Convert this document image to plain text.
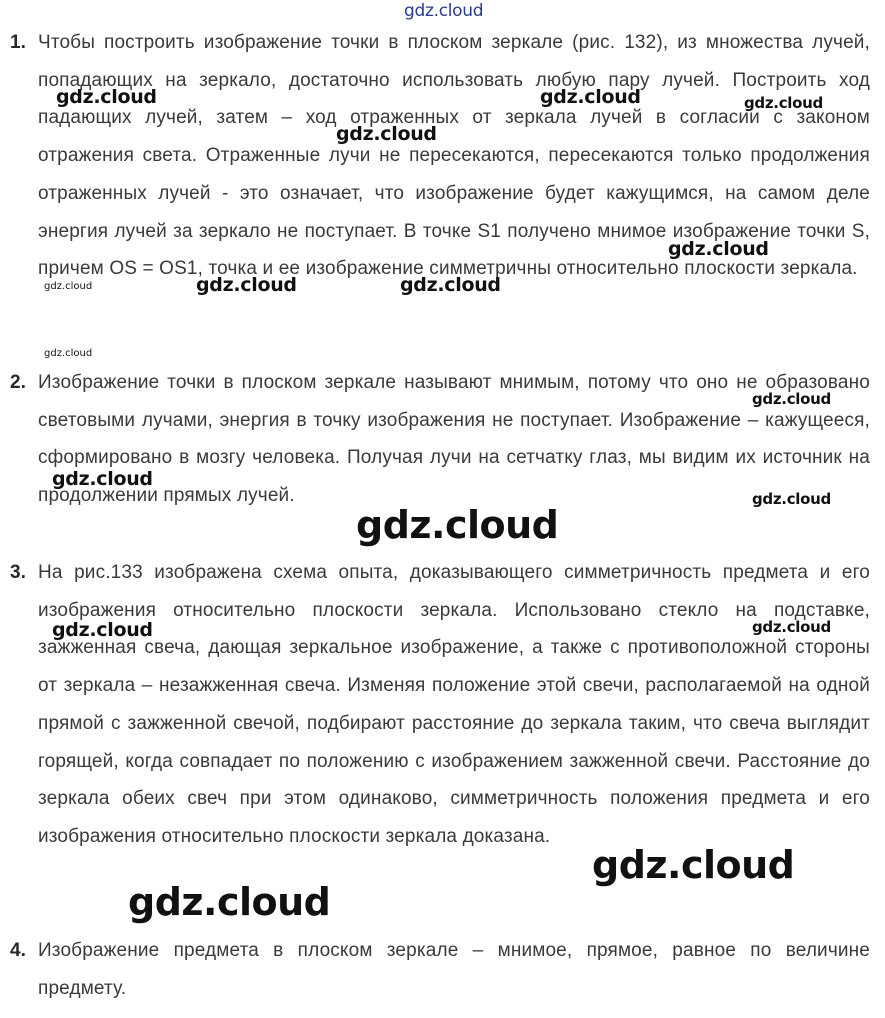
gdz.cloud
1. Чтобы построить изображение точки в плоском зеркале (рис. 132), из множества лучей, попадающих на зеркало, достаточно использовать любую пару лучей. Построить ход падающих лучей, затем – ход отраженных от зеркала лучей в согласии с законом отражения света. Отраженные лучи не пересекаются, пересекаются только продолжения отраженных лучей - это означает, что изображение будет кажущимся, на самом деле энергия лучей за зеркало не поступает. В точке S1 получено мнимое изображение точки S, причем OS = OS1, точка и ее изображение симметричны относительно плоскости зеркала.
2. Изображение точки в плоском зеркале называют мнимым, потому что оно не образовано световыми лучами, энергия в точку изображения не поступает. Изображение – кажущееся, сформировано в мозгу человека. Получая лучи на сетчатку глаз, мы видим их источник на продолжении прямых лучей.
3. На рис.133 изображена схема опыта, доказывающего симметричность предмета и его изображения относительно плоскости зеркала. Использовано стекло на подставке, зажженная свеча, дающая зеркальное изображение, а также с противоположной стороны от зеркала – незажженная свеча. Изменяя положение этой свечи, располагаемой на одной прямой с зажженной свечой, подбирают расстояние до зеркала таким, что свеча выглядит горящей, когда совпадает по положению с изображением зажженной свечи. Расстояние до зеркала обеих свеч при этом одинаково, симметричность положения предмета и его изображения относительно плоскости зеркала доказана.
4. Изображение предмета в плоском зеркале – мнимое, прямое, равное по величине предмету.
gdz.cloud	gdz.cloud	gdz.cloud
gdz.cloud
gdz.cloud
gdz.cloud	gdz.cloud	gdz.cloud
gdz.cloud
gdz.cloud
gdz.cloud
gdz.cloud
gdz.cloud
gdz.cloud	gdz.cloud
gdz.cloud
gdz.cloud
